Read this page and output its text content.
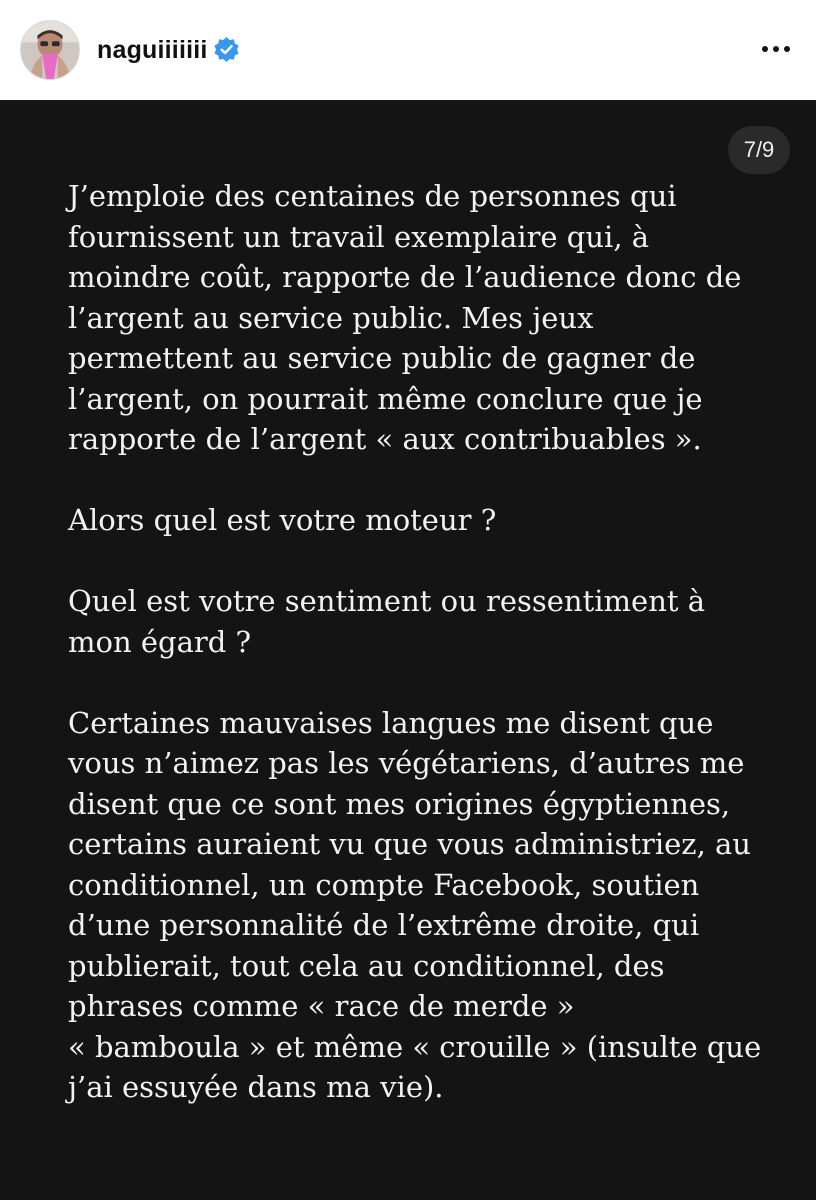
naguiiiiiii
7/9

J’emploie des centaines de personnes qui
fournissent un travail exemplaire qui, à
moindre coût, rapporte de l’audience donc de
l’argent au service public. Mes jeux
permettent au service public de gagner de
l’argent, on pourrait même conclure que je
rapporte de l’argent « aux contribuables ».

Alors quel est votre moteur ?

Quel est votre sentiment ou ressentiment à
mon égard ?

Certaines mauvaises langues me disent que
vous n’aimez pas les végétariens, d’autres me
disent que ce sont mes origines égyptiennes,
certains auraient vu que vous administriez, au
conditionnel, un compte Facebook, soutien
d’une personnalité de l’extrême droite, qui
publierait, tout cela au conditionnel, des
phrases comme « race de merde »
« bamboula » et même « crouille » (insulte que
j’ai essuyée dans ma vie).
